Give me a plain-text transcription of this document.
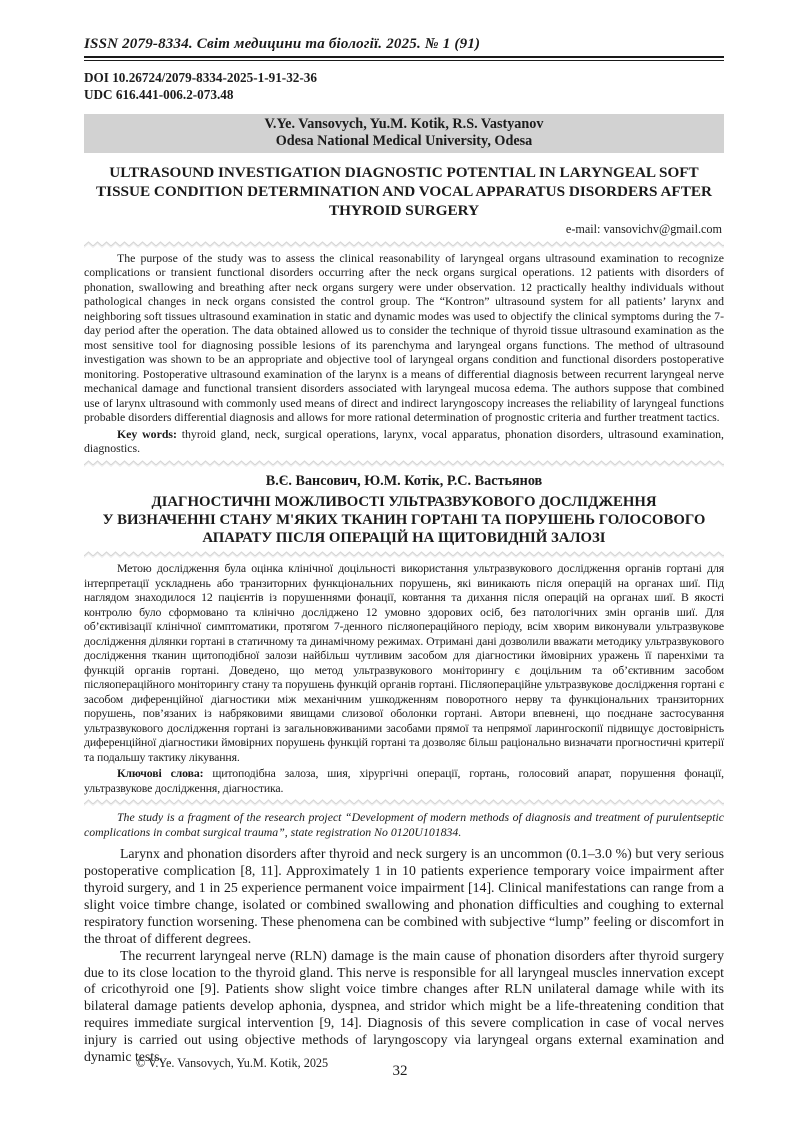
ISSN 2079-8334. Світ медицини та біології. 2025. № 1 (91)
DOI 10.26724/2079-8334-2025-1-91-32-36
UDC 616.441-006.2-073.48
V.Ye. Vansovych, Yu.M. Kotik, R.S. Vastyanov
Odesa National Medical University, Odesa
ULTRASOUND INVESTIGATION DIAGNOSTIC POTENTIAL IN LARYNGEAL SOFT
TISSUE CONDITION DETERMINATION AND VOCAL APPARATUS DISORDERS AFTER
THYROID SURGERY
e-mail: vansovichv@gmail.com

The purpose of the study was to assess the clinical reasonability of laryngeal organs ultrasound examination to recognize complications or transient functional disorders occurring after the neck organs surgical operations. 12 patients with disorders of phonation, swallowing and breathing after neck organs surgery were under observation. 12 practically healthy individuals without pathological changes in neck organs consisted the control group. The “Kontron” ultrasound system for all patients’ larynx and neighboring soft tissues ultrasound examination in static and dynamic modes was used to objectify the clinical symptoms during the 7-day period after the operation. The data obtained allowed us to consider the technique of thyroid tissue ultrasound examination as the most sensitive tool for diagnosing possible lesions of its parenchyma and laryngeal organs functions. The method of ultrasound investigation was shown to be an appropriate and objective tool of laryngeal organs condition and functional disorders postoperative monitoring. Postoperative ultrasound examination of the larynx is a means of differential diagnosis between recurrent laryngeal nerve mechanical damage and functional transient disorders associated with laryngeal mucosa edema. The authors suppose that combined use of larynx ultrasound with commonly used means of direct and indirect laryngoscopy increases the reliability of laryngeal functions probable disorders differential diagnosis and allows for more rational determination of prognostic criteria and further treatment tactics.

Key words: thyroid gland, neck, surgical operations, larynx, vocal apparatus, phonation disorders, ultrasound examination, diagnostics.

В.Є. Вансович, Ю.М. Котік, Р.С. Вастьянов
ДІАГНОСТИЧНІ МОЖЛИВОСТІ УЛЬТРАЗВУКОВОГО ДОСЛІДЖЕННЯ
У ВИЗНАЧЕННІ СТАНУ М'ЯКИХ ТКАНИН ГОРТАНІ ТА ПОРУШЕНЬ ГОЛОСОВОГО
АПАРАТУ ПІСЛЯ ОПЕРАЦІЙ НА ЩИТОВИДНІЙ ЗАЛОЗІ

Метою дослідження була оцінка клінічної доцільності використання ультразвукового дослідження органів гортані для інтерпретації ускладнень або транзиторних функціональних порушень, які виникають після операцій на органах шиї. Під наглядом знаходилося 12 пацієнтів із порушеннями фонації, ковтання та дихання після операцій на органах шиї. В якості контролю було сформовано та клінічно досліджено 12 умовно здорових осіб, без патологічних змін органів шиї. Для об’єктивізації клінічної симптоматики, протягом 7-денного післяопераційного періоду, всім хворим виконували ультразвукове дослідження ділянки гортані в статичному та динамічному режимах. Отримані дані дозволили вважати методику ультразвукового дослідження тканин щитоподібної залози найбільш чутливим засобом для діагностики ймовірних уражень її паренхіми та функцій органів гортані. Доведено, що метод ультразвукового моніторингу є доцільним та об’єктивним засобом післяопераційного моніторингу стану та порушень функцій органів гортані. Післяопераційне ультразвукове дослідження гортані є засобом диференційної діагностики між механічним ушкодженням поворотного нерву та функціональних транзиторних порушень, пов’язаних із набряковими явищами слизової оболонки гортані. Автори впевнені, що поєднане застосування ультразвукового дослідження гортані із загальновживаними засобами прямої та непрямої ларингоскопії підвищує достовірність диференційної діагностики ймовірних порушень функцій гортані та дозволяє більш раціонально визначати прогностичні критерії та подальшу тактику лікування.

Ключові слова: щитоподібна залоза, шия, хірургічні операції, гортань, голосовий апарат, порушення фонації, ультразвукове дослідження, діагностика.

The study is a fragment of the research project “Development of modern methods of diagnosis and treatment of purulentseptic complications in combat surgical trauma”, state registration No 0120U101834.

Larynx and phonation disorders after thyroid and neck surgery is an uncommon (0.1–3.0 %) but very serious postoperative complication [8, 11]. Approximately 1 in 10 patients experience temporary voice impairment after thyroid surgery, and 1 in 25 experience permanent voice impairment [14]. Clinical manifestations can range from a slight voice timbre change, isolated or combined swallowing and phonation difficulties and coughing to external respiratory function worsening. These phenomena can be combined with subjective “lump” feeling or discomfort in the throat of different degrees.

The recurrent laryngeal nerve (RLN) damage is the main cause of phonation disorders after thyroid surgery due to its close location to the thyroid gland. This nerve is responsible for all laryngeal muscles innervation except of cricothyroid one [9]. Patients show slight voice timbre changes after RLN unilateral damage while with its bilateral damage patients develop aphonia, dyspnea, and stridor which might be a life-threatening condition that requires immediate surgical intervention [9, 14]. Diagnosis of this severe complication in case of vocal nerves injury is carried out using objective methods of laryngoscopy via laryngeal organs external examination and dynamic tests.

© V.Ye. Vansovych, Yu.M. Kotik, 2025	32
